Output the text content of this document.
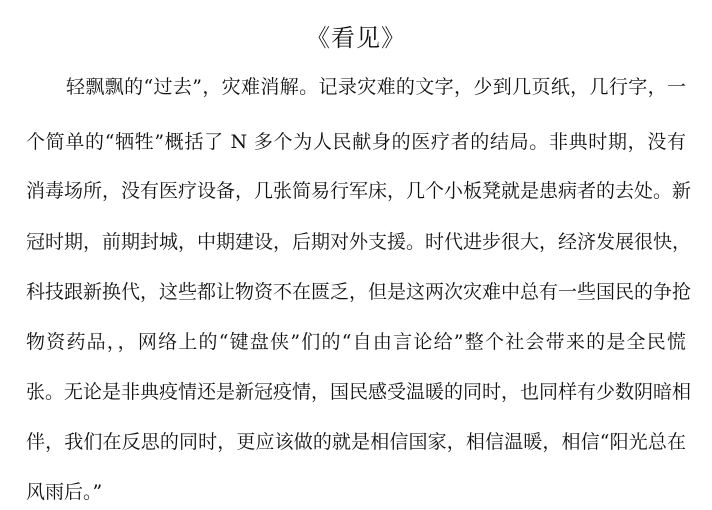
《看见》
轻飘飘的“过去”，灾难消解。记录灾难的文字，少到几页纸，几行字，一
个简单的“牺牲”概括了 N 多个为人民献身的医疗者的结局。非典时期，没有
消毒场所，没有医疗设备，几张简易行军床，几个小板凳就是患病者的去处。新
冠时期，前期封城，中期建设，后期对外支援。时代进步很大，经济发展很快，
科技跟新换代，这些都让物资不在匮乏，但是这两次灾难中总有一些国民的争抢
物资药品，，网络上的“键盘侠”们的“自由言论给”整个社会带来的是全民慌
张。无论是非典疫情还是新冠疫情，国民感受温暖的同时，也同样有少数阴暗相
伴，我们在反思的同时，更应该做的就是相信国家，相信温暖，相信“阳光总在
风雨后。”
